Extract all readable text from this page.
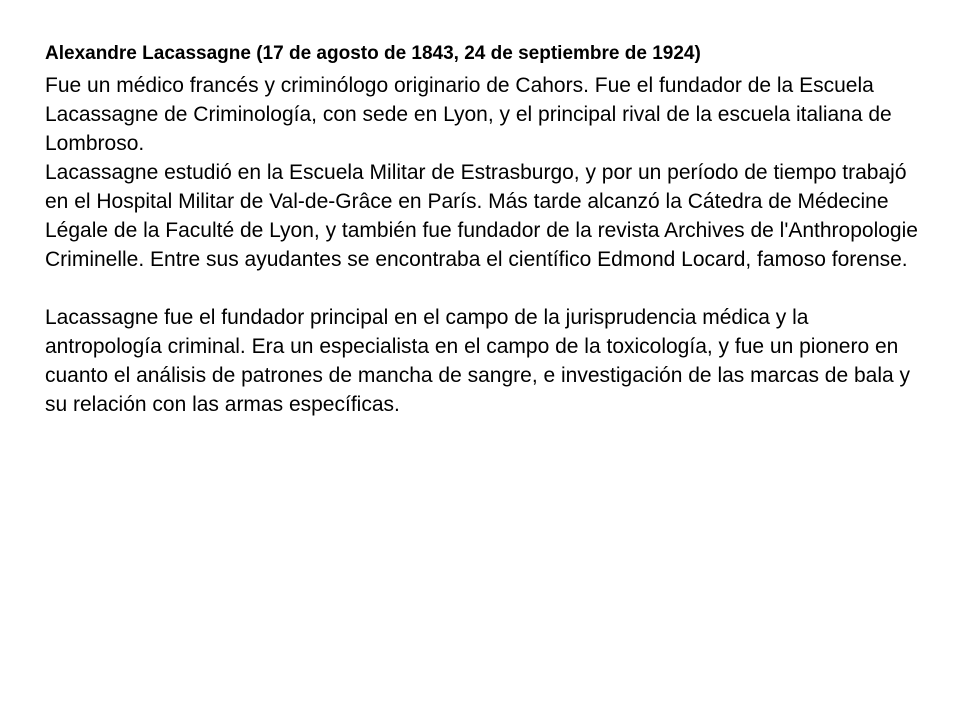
Alexandre Lacassagne (17 de agosto de 1843, 24 de septiembre de 1924)

Fue un médico francés y criminólogo originario de Cahors. Fue el fundador de la Escuela Lacassagne de Criminología, con sede en Lyon, y el principal rival de la escuela italiana de Lombroso.

Lacassagne estudió en la Escuela Militar de Estrasburgo, y por un período de tiempo trabajó en el Hospital Militar de Val-de-Grâce en París. Más tarde alcanzó la Cátedra de Médecine Légale de la Faculté de Lyon, y también fue fundador de la revista Archives de l'Anthropologie Criminelle. Entre sus ayudantes se encontraba el científico Edmond Locard, famoso forense.

Lacassagne fue el fundador principal en el campo de la jurisprudencia médica y la antropología criminal. Era un especialista en el campo de la toxicología, y fue un pionero en cuanto el análisis de patrones de mancha de sangre, e investigación de las marcas de bala y su relación con las armas específicas.
